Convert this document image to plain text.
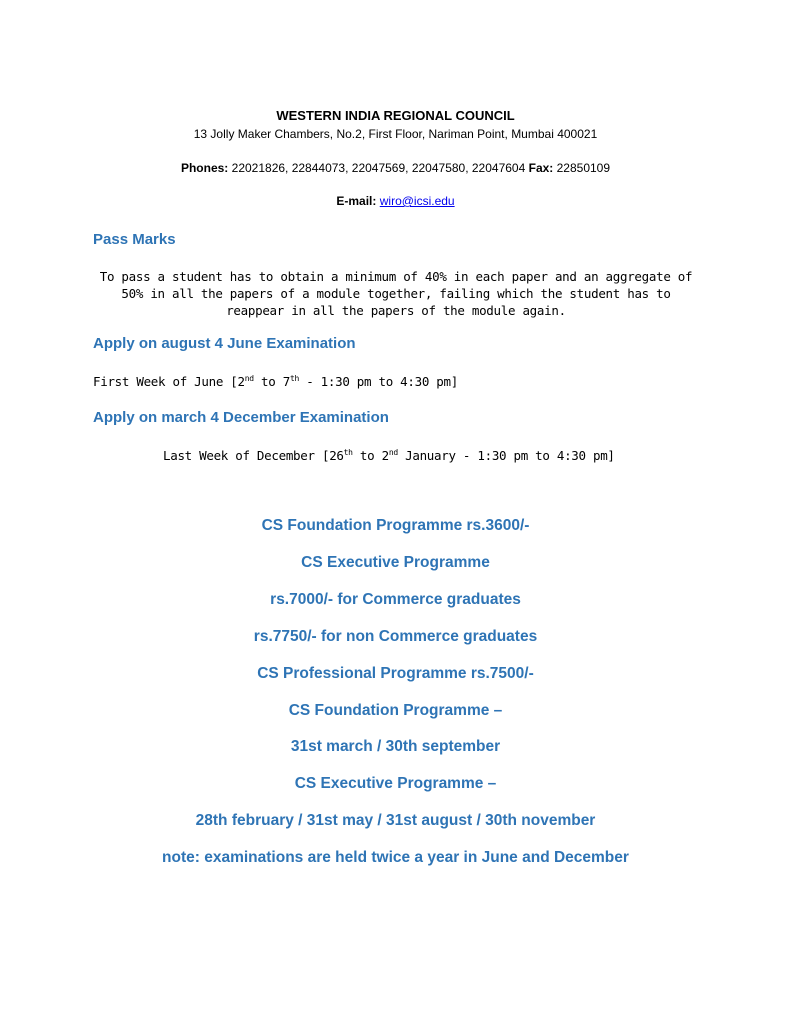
WESTERN INDIA REGIONAL COUNCIL
13 Jolly Maker Chambers, No.2, First Floor, Nariman Point, Mumbai 400021
Phones: 22021826, 22844073, 22047569, 22047580, 22047604 Fax: 22850109
E-mail: wiro@icsi.edu
Pass Marks
To pass a student has to obtain a minimum of 40% in each paper and an aggregate of 50% in all the papers of a module together, failing which the student has to reappear in all the papers of the module again.
Apply on august 4 June Examination
First Week of June [2nd to 7th - 1:30 pm to 4:30 pm]
Apply on march 4 December Examination
Last Week of December [26th to 2nd January - 1:30 pm to 4:30 pm]
CS Foundation Programme rs.3600/-
CS Executive Programme
rs.7000/- for Commerce graduates
rs.7750/- for non Commerce graduates
CS Professional Programme rs.7500/-
CS Foundation Programme –
31st march / 30th september
CS Executive Programme –
28th february / 31st may / 31st august / 30th november
note: examinations are held twice a year in June and December
